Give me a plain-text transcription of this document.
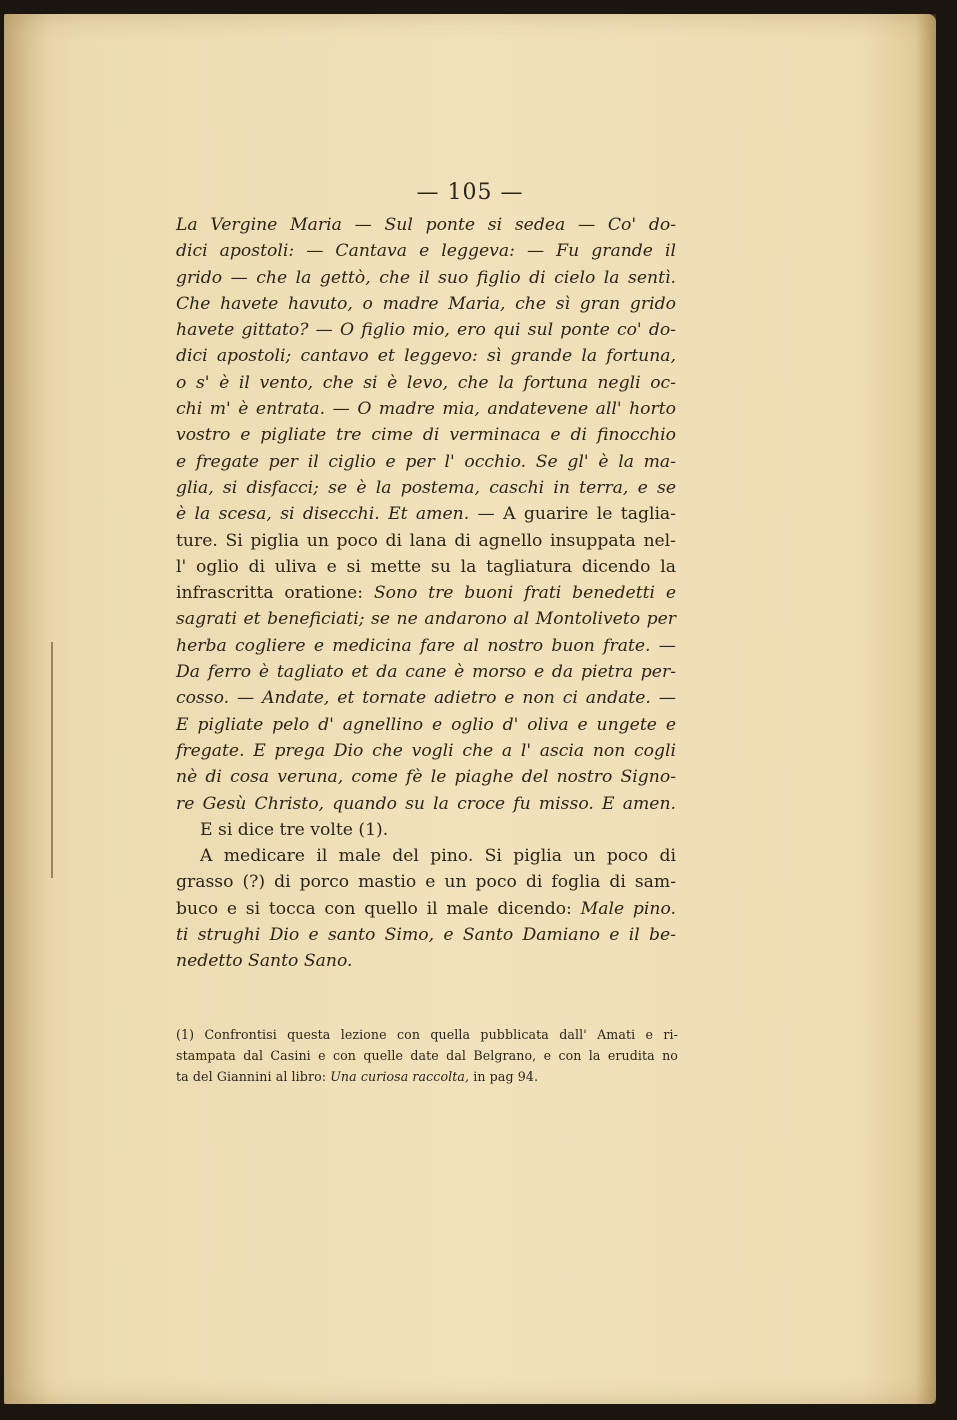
— 105 —
La Vergine Maria — Sul ponte si sedea — Co' do-
dici apostoli: — Cantava e leggeva: — Fu grande il
grido — che la gettò, che il suo figlio di cielo la sentì.
Che havete havuto, o madre Maria, che sì gran grido
havete gittato? — O figlio mio, ero qui sul ponte co' do-
dici apostoli; cantavo et leggevo: sì grande la fortuna,
o s' è il vento, che si è levo, che la fortuna negli oc-
chi m' è entrata. — O madre mia, andatevene all' horto
vostro e pigliate tre cime di verminaca e di finocchio
e fregate per il ciglio e per l' occhio. Se gl' è la ma-
glia, si disfacci; se è la postema, caschi in terra, e se
è la scesa, si disecchi. Et amen. — A guarire le taglia-
ture. Si piglia un poco di lana di agnello insuppata nel-
l' oglio di uliva e si mette su la tagliatura dicendo la
infrascritta oratione: Sono tre buoni frati benedetti e
sagrati et beneficiati; se ne andarono al Montoliveto per
herba cogliere e medicina fare al nostro buon frate. —
Da ferro è tagliato et da cane è morso e da pietra per-
cosso. — Andate, et tornate adietro e non ci andate. —
E pigliate pelo d' agnellino e oglio d' oliva e ungete e
fregate. E prega Dio che vogli che a l' ascia non cogli
nè di cosa veruna, come fè le piaghe del nostro Signo-
re Gesù Christo, quando su la croce fu misso. E amen.
E si dice tre volte (1).
A medicare il male del pino. Si piglia un poco di
grasso (?) di porco mastio e un poco di foglia di sam-
buco e si tocca con quello il male dicendo: Male pino.
ti strughi Dio e santo Simo, e Santo Damiano e il be-
nedetto Santo Sano.
(1) Confrontisi questa lezione con quella pubblicata dall' Amati e ri-
stampata dal Casini e con quelle date dal Belgrano, e con la erudita no
ta del Giannini al libro: Una curiosa raccolta, in pag 94.
